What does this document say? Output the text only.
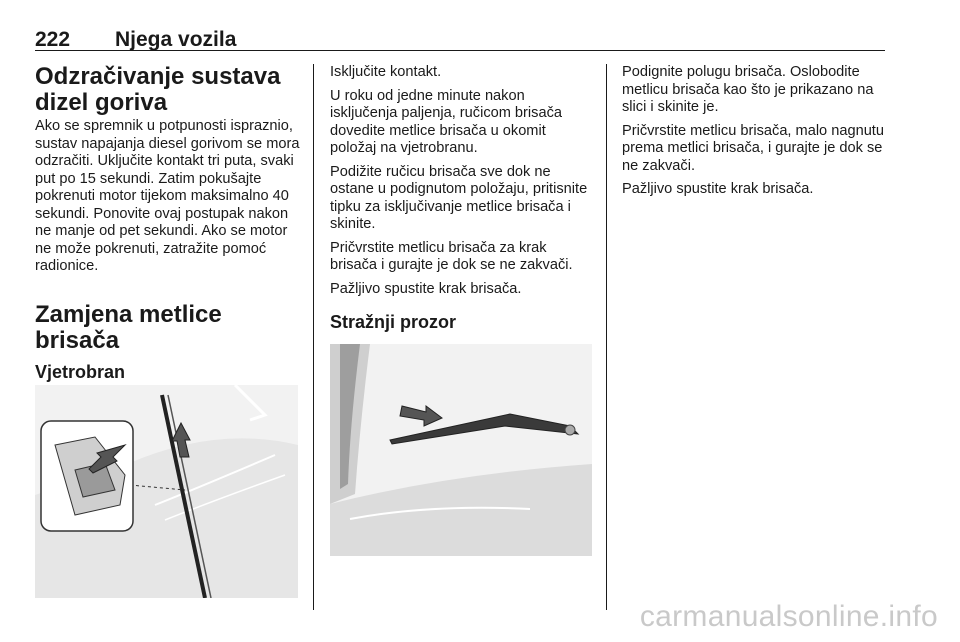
222 Njega vozila
Odzračivanje sustava dizel goriva

Ako se spremnik u potpunosti ispraznio, sustav napajanja diesel gorivom se mora odzračiti. Uključite kontakt tri puta, svaki put po 15 sekundi. Zatim pokušajte pokrenuti motor tijekom maksimalno 40 sekundi. Ponovite ovaj postupak nakon ne manje od pet sekundi. Ako se motor ne može pokrenuti, zatražite pomoć radionice.

Zamjena metlice brisača
Vjetrobran

Isključite kontakt.

U roku od jedne minute nakon isključenja paljenja, ručicom brisača dovedite metlice brisača u okomit položaj na vjetrobranu.

Podižite ručicu brisača sve dok ne ostane u podignutom položaju, pritisnite tipku za isključivanje metlice brisača i skinite.

Pričvrstite metlicu brisača za krak brisača i gurajte je dok se ne zakvači.

Pažljivo spustite krak brisača.

Stražnji prozor

Podignite polugu brisača. Oslobodite metlicu brisača kao što je prikazano na slici i skinite je.

Pričvrstite metlicu brisača, malo nagnutu prema metlici brisača, i gurajte je dok se ne zakvači.

Pažljivo spustite krak brisača.

carmanualsonline.info
